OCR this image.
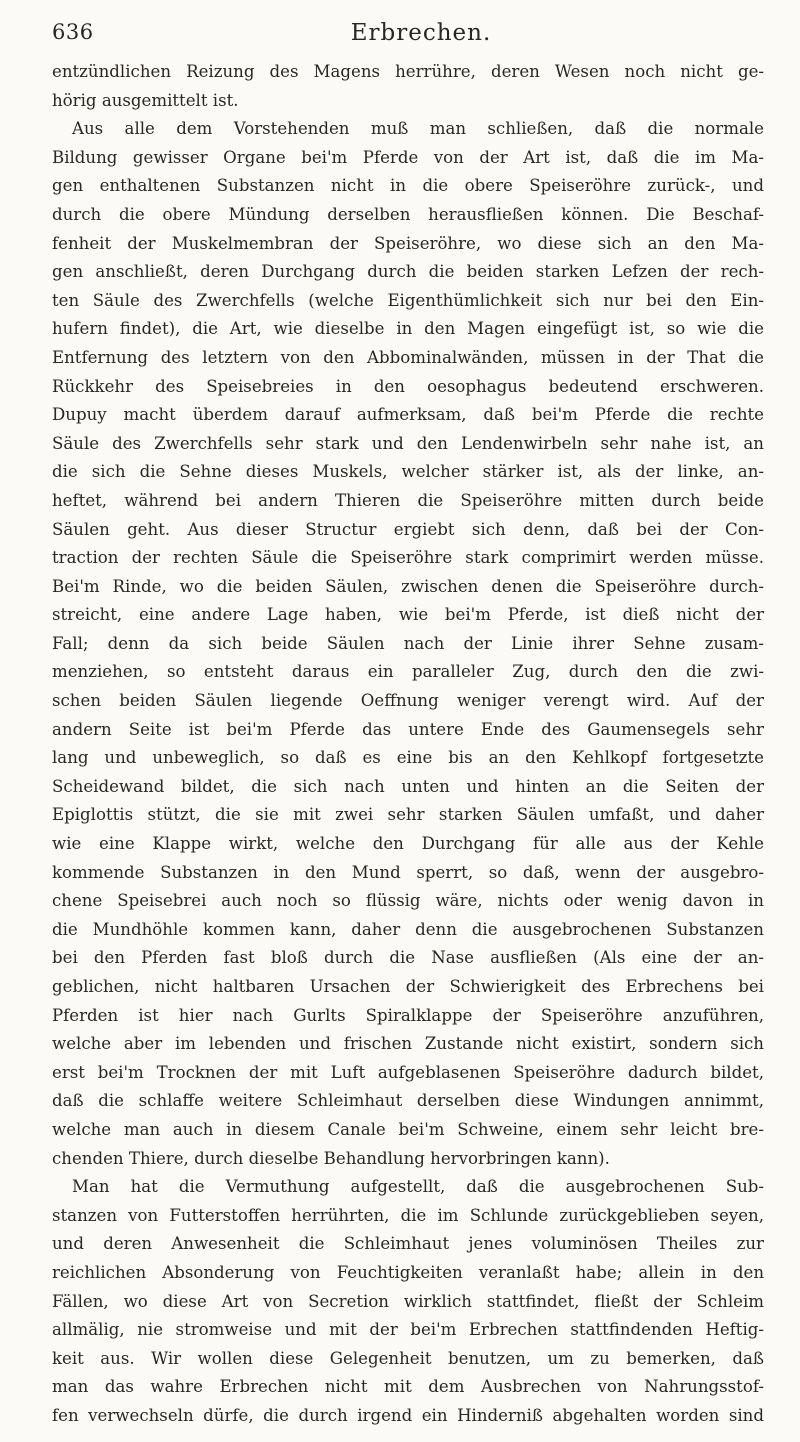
636	Erbrechen.
entzündlichen Reizung des Magens herrühre, deren Wesen noch nicht ge-
hörig ausgemittelt ist.
Aus alle dem Vorstehenden muß man schließen, daß die normale
Bildung gewisser Organe bei'm Pferde von der Art ist, daß die im Ma-
gen enthaltenen Substanzen nicht in die obere Speiseröhre zurück-, und
durch die obere Mündung derselben herausfließen können. Die Beschaf-
fenheit der Muskelmembran der Speiseröhre, wo diese sich an den Ma-
gen anschließt, deren Durchgang durch die beiden starken Lefzen der rech-
ten Säule des Zwerchfells (welche Eigenthümlichkeit sich nur bei den Ein-
hufern findet), die Art, wie dieselbe in den Magen eingefügt ist, so wie die
Entfernung des letztern von den Abbominalwänden, müssen in der That die
Rückkehr des Speisebreies in den oesophagus bedeutend erschweren.
Dupuy macht überdem darauf aufmerksam, daß bei'm Pferde die rechte
Säule des Zwerchfells sehr stark und den Lendenwirbeln sehr nahe ist, an
die sich die Sehne dieses Muskels, welcher stärker ist, als der linke, an-
heftet, während bei andern Thieren die Speiseröhre mitten durch beide
Säulen geht. Aus dieser Structur ergiebt sich denn, daß bei der Con-
traction der rechten Säule die Speiseröhre stark comprimirt werden müsse.
Bei'm Rinde, wo die beiden Säulen, zwischen denen die Speiseröhre durch-
streicht, eine andere Lage haben, wie bei'm Pferde, ist dieß nicht der
Fall; denn da sich beide Säulen nach der Linie ihrer Sehne zusam-
menziehen, so entsteht daraus ein paralleler Zug, durch den die zwi-
schen beiden Säulen liegende Oeffnung weniger verengt wird. Auf der
andern Seite ist bei'm Pferde das untere Ende des Gaumensegels sehr
lang und unbeweglich, so daß es eine bis an den Kehlkopf fortgesetzte
Scheidewand bildet, die sich nach unten und hinten an die Seiten der
Epiglottis stützt, die sie mit zwei sehr starken Säulen umfaßt, und daher
wie eine Klappe wirkt, welche den Durchgang für alle aus der Kehle
kommende Substanzen in den Mund sperrt, so daß, wenn der ausgebro-
chene Speisebrei auch noch so flüssig wäre, nichts oder wenig davon in
die Mundhöhle kommen kann, daher denn die ausgebrochenen Substanzen
bei den Pferden fast bloß durch die Nase ausfließen (Als eine der an-
geblichen, nicht haltbaren Ursachen der Schwierigkeit des Erbrechens bei
Pferden ist hier nach Gurlts Spiralklappe der Speiseröhre anzuführen,
welche aber im lebenden und frischen Zustande nicht existirt, sondern sich
erst bei'm Trocknen der mit Luft aufgeblasenen Speiseröhre dadurch bildet,
daß die schlaffe weitere Schleimhaut derselben diese Windungen annimmt,
welche man auch in diesem Canale bei'm Schweine, einem sehr leicht bre-
chenden Thiere, durch dieselbe Behandlung hervorbringen kann).
Man hat die Vermuthung aufgestellt, daß die ausgebrochenen Sub-
stanzen von Futterstoffen herrührten, die im Schlunde zurückgeblieben seyen,
und deren Anwesenheit die Schleimhaut jenes voluminösen Theiles zur
reichlichen Absonderung von Feuchtigkeiten veranlaßt habe; allein in den
Fällen, wo diese Art von Secretion wirklich stattfindet, fließt der Schleim
allmälig, nie stromweise und mit der bei'm Erbrechen stattfindenden Heftig-
keit aus. Wir wollen diese Gelegenheit benutzen, um zu bemerken, daß
man das wahre Erbrechen nicht mit dem Ausbrechen von Nahrungsstof-
fen verwechseln dürfe, die durch irgend ein Hinderniß abgehalten worden sind
